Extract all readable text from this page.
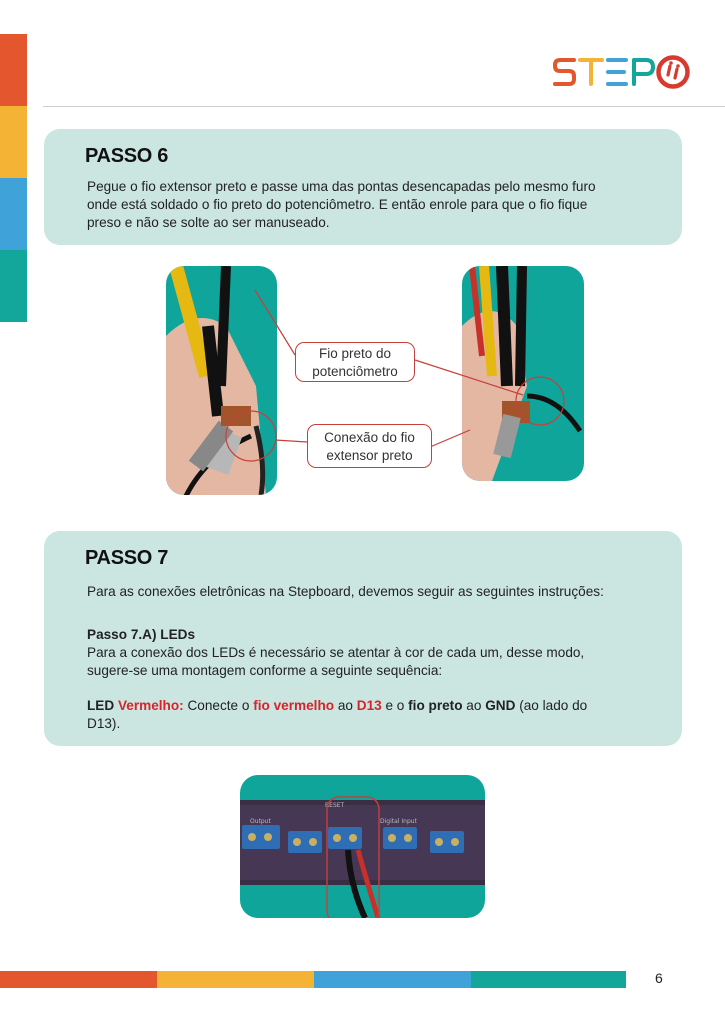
PASSO 6
Pegue o fio extensor preto e passe uma das pontas desencapadas pelo mesmo furo
onde está soldado o fio preto do potenciômetro. E então enrole para que o fio fique
preso e não se solte ao ser manuseado.
Fio preto do
potenciômetro
Conexão do fio
extensor preto
PASSO 7
Para as conexões eletrônicas na Stepboard, devemos seguir as seguintes instruções:
Passo 7.A) LEDs
Para a conexão dos LEDs é necessário se atentar à cor de cada um, desse modo,
sugere-se uma montagem conforme a seguinte sequência:
LED Vermelho: Conecte o fio vermelho ao D13 e o fio preto ao GND (ao lado do
D13).
Output
RESET
Digital Input
6
